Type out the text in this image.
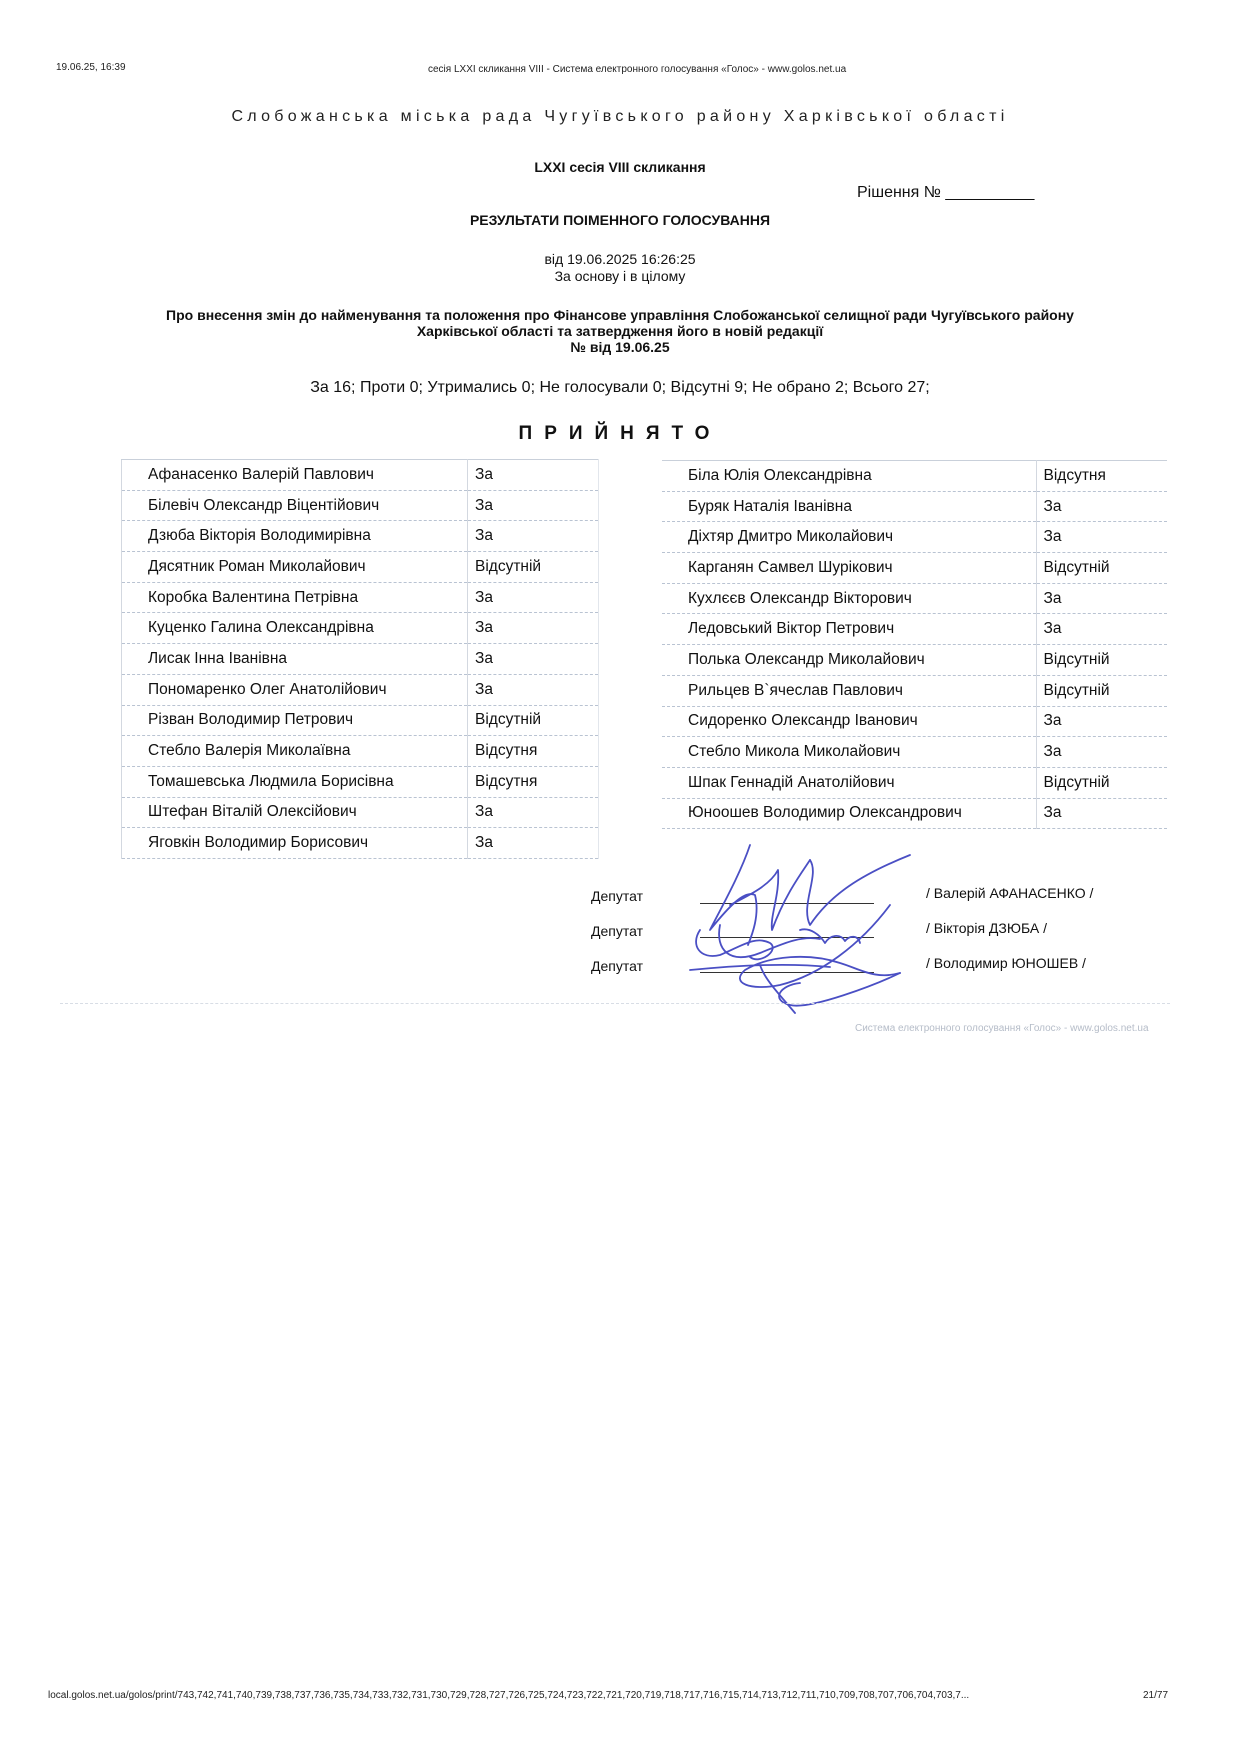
19.06.25, 16:39	сесія LXXI скликання VIII - Система електронного голосування «Голос» - www.golos.net.ua
Слобожанська міська рада Чугуївського району Харківської області
LXXI сесія VIII скликання
Рішення № __________
РЕЗУЛЬТАТИ ПОІМЕННОГО ГОЛОСУВАННЯ
від 19.06.2025 16:26:25
За основу і в цілому
Про внесення змін до найменування та положення про Фінансове управління Слобожанської селищної ради Чугуївського району
Харківської області та затвердження його в новій редакції
№ від 19.06.25
За 16; Проти 0; Утримались 0; Не голосували 0; Відсутні 9; Не обрано 2; Всього 27;
ПРИЙНЯТО
Афанасенко Валерій Павлович	За
Білевіч Олександр Віцентійович	За
Дзюба Вікторія Володимирівна	За
Дясятник Роман Миколайович	Відсутній
Коробка Валентина Петрівна	За
Куценко Галина Олександрівна	За
Лисак Інна Іванівна	За
Пономаренко Олег Анатолійович	За
Різван Володимир Петрович	Відсутній
Стебло Валерія Миколаївна	Відсутня
Томашевська Людмила Борисівна	Відсутня
Штефан Віталій Олексійович	За
Яговкін Володимир Борисович	За
Біла Юлія Олександрівна	Відсутня
Буряк Наталія Іванівна	За
Діхтяр Дмитро Миколайович	За
Карганян Самвел Шурікович	Відсутній
Кухлєєв Олександр Вікторович	За
Ледовський Віктор Петрович	За
Полька Олександр Миколайович	Відсутній
Рильцев В`ячеслав Павлович	Відсутній
Сидоренко Олександр Іванович	За
Стебло Микола Миколайович	За
Шпак Геннадій Анатолійович	Відсутній
Юноошев Володимир Олександрович	За
Депутат	/ Валерій АФАНАСЕНКО /
Депутат	/ Вікторія ДЗЮБА /
Депутат	/ Володимир ЮНОШЕВ /
Система електронного голосування «Голос» - www.golos.net.ua
local.golos.net.ua/golos/print/743,742,741,740,739,738,737,736,735,734,733,732,731,730,729,728,727,726,725,724,723,722,721,720,719,718,717,716,715,714,713,712,711,710,709,708,707,706,704,703,7...	21/77
